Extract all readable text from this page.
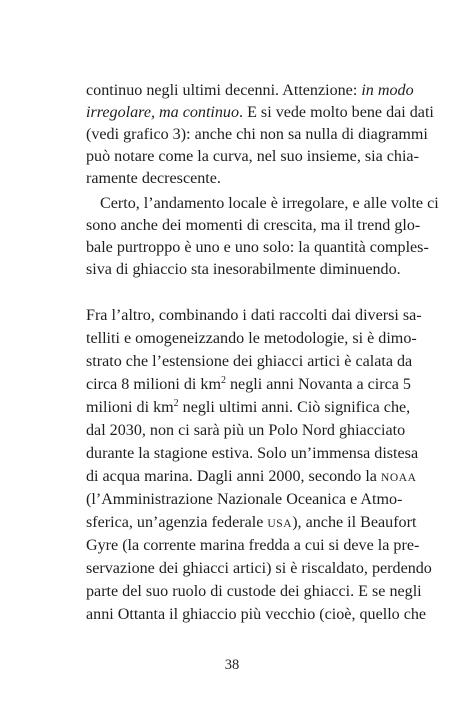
continuo negli ultimi decenni. Attenzione: in modo
irregolare, ma continuo. E si vede molto bene dai dati
(vedi grafico 3): anche chi non sa nulla di diagrammi
può notare come la curva, nel suo insieme, sia chia-
ramente decrescente.
Certo, l’andamento locale è irregolare, e alle volte ci
sono anche dei momenti di crescita, ma il trend glo-
bale purtroppo è uno e uno solo: la quantità comples-
siva di ghiaccio sta inesorabilmente diminuendo.
Fra l’altro, combinando i dati raccolti dai diversi sa-
telliti e omogeneizzando le metodologie, si è dimo-
strato che l’estensione dei ghiacci artici è calata da
circa 8 milioni di $km^2$ negli anni Novanta a circa 5
milioni di $km^2$ negli ultimi anni. Ciò significa che,
dal 2030, non ci sarà più un Polo Nord ghiacciato
durante la stagione estiva. Solo un’immensa distesa
di acqua marina. Dagli anni 2000, secondo la NOAA
(l’Amministrazione Nazionale Oceanica e Atmo-
sferica, un’agenzia federale USA), anche il Beaufort
Gyre (la corrente marina fredda a cui si deve la pre-
servazione dei ghiacci artici) si è riscaldato, perdendo
parte del suo ruolo di custode dei ghiacci. E se negli
anni Ottanta il ghiaccio più vecchio (cioè, quello che
38
